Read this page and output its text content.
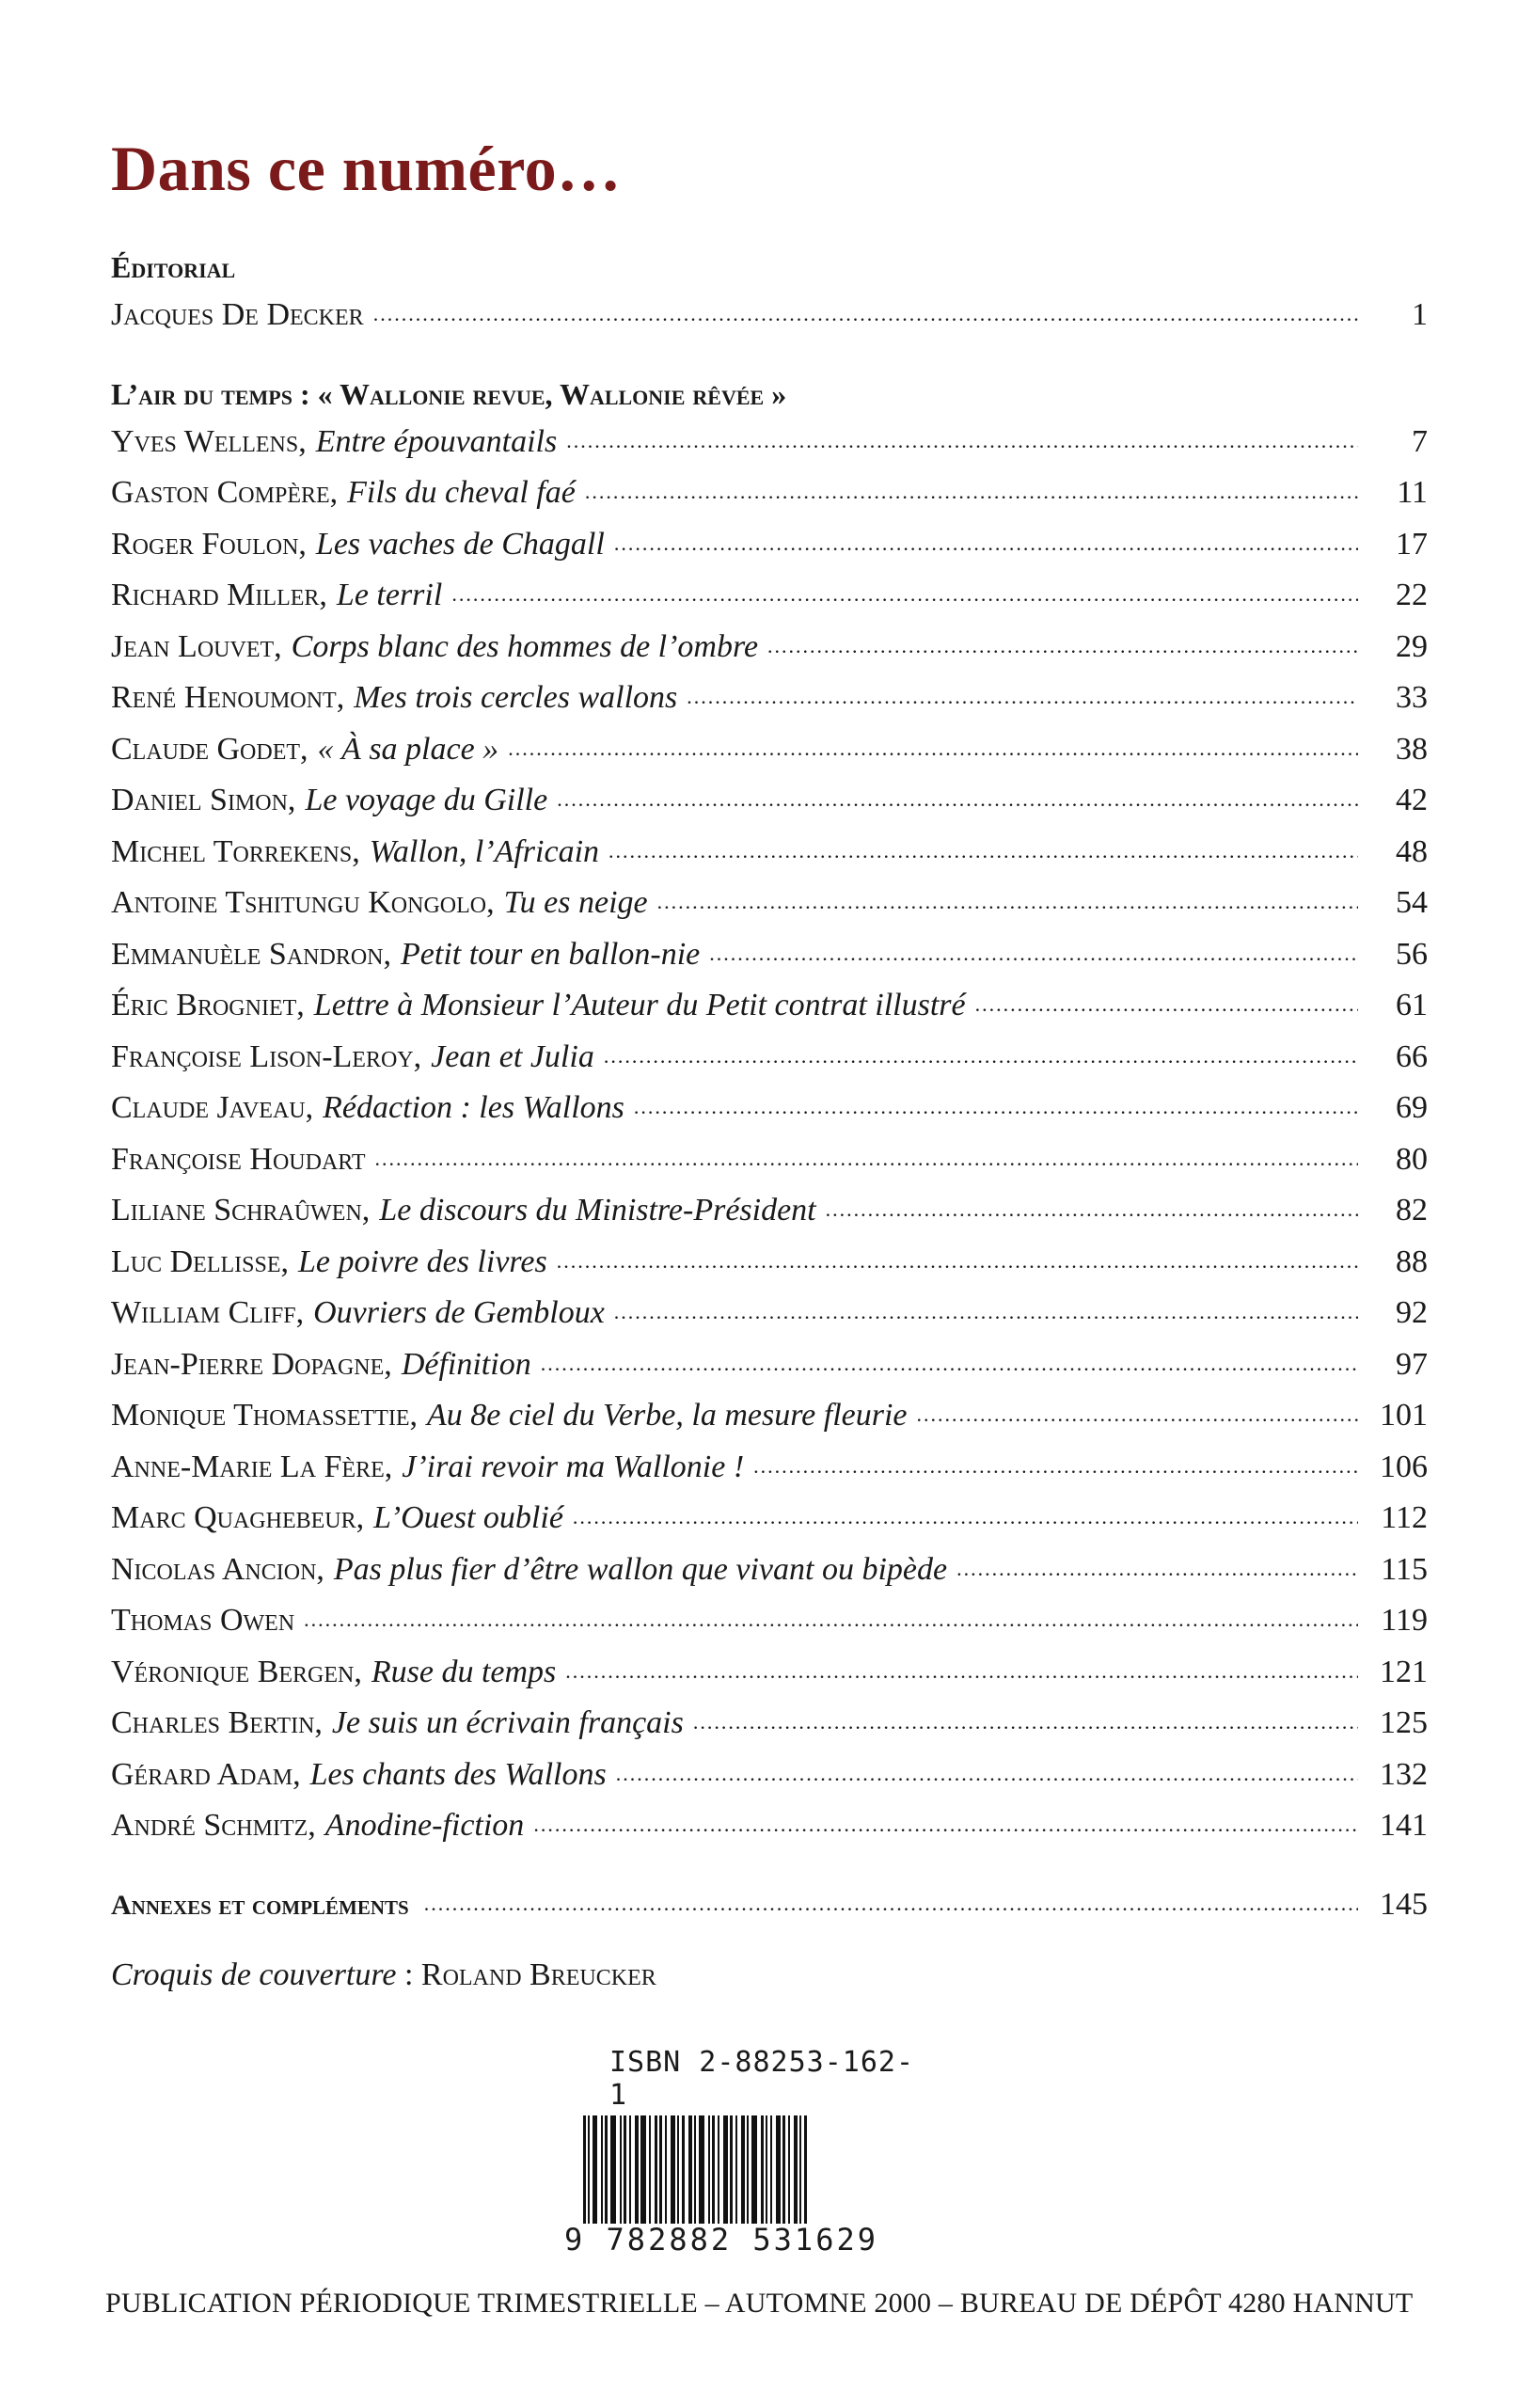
Dans ce numéro…
Éditorial
Jacques De Decker .....	1
L’air du temps : « Wallonie revue, Wallonie rêvée »
Yves Wellens, Entre épouvantails .....	7
Gaston Compère, Fils du cheval faé .....	11
Roger Foulon, Les vaches de Chagall .....	17
Richard Miller, Le terril .....	22
Jean Louvet, Corps blanc des hommes de l’ombre .....	29
René Henoumont, Mes trois cercles wallons .....	33
Claude Godet, « À sa place » .....	38
Daniel Simon, Le voyage du Gille .....	42
Michel Torrekens, Wallon, l’Africain .....	48
Antoine Tshitungu Kongolo, Tu es neige .....	54
Emmanuèle Sandron, Petit tour en ballon-nie .....	56
Éric Brogniet, Lettre à Monsieur l’Auteur du Petit contrat illustré .....	61
Françoise Lison-Leroy, Jean et Julia .....	66
Claude Javeau, Rédaction : les Wallons .....	69
Françoise Houdart .....	80
Liliane Schraûwen, Le discours du Ministre-Président .....	82
Luc Dellisse, Le poivre des livres .....	88
William Cliff, Ouvriers de Gembloux .....	92
Jean-Pierre Dopagne, Définition .....	97
Monique Thomassettie, Au 8e ciel du Verbe, la mesure fleurie .....	101
Anne-Marie La Fère, J’irai revoir ma Wallonie ! .....	106
Marc Quaghebeur, L’Ouest oublié .....	112
Nicolas Ancion, Pas plus fier d’être wallon que vivant ou bipède .....	115
Thomas Owen .....	119
Véronique Bergen, Ruse du temps .....	121
Charles Bertin, Je suis un écrivain français .....	125
Gérard Adam, Les chants des Wallons .....	132
André Schmitz, Anodine-fiction .....	141
Annexes et compléments .....	145
Croquis de couverture : Roland Breucker
ISBN 2-88253-162-1
9 782882 531629
PUBLICATION PÉRIODIQUE TRIMESTRIELLE – AUTOMNE 2000 – BUREAU DE DÉPÔT 4280 HANNUT
